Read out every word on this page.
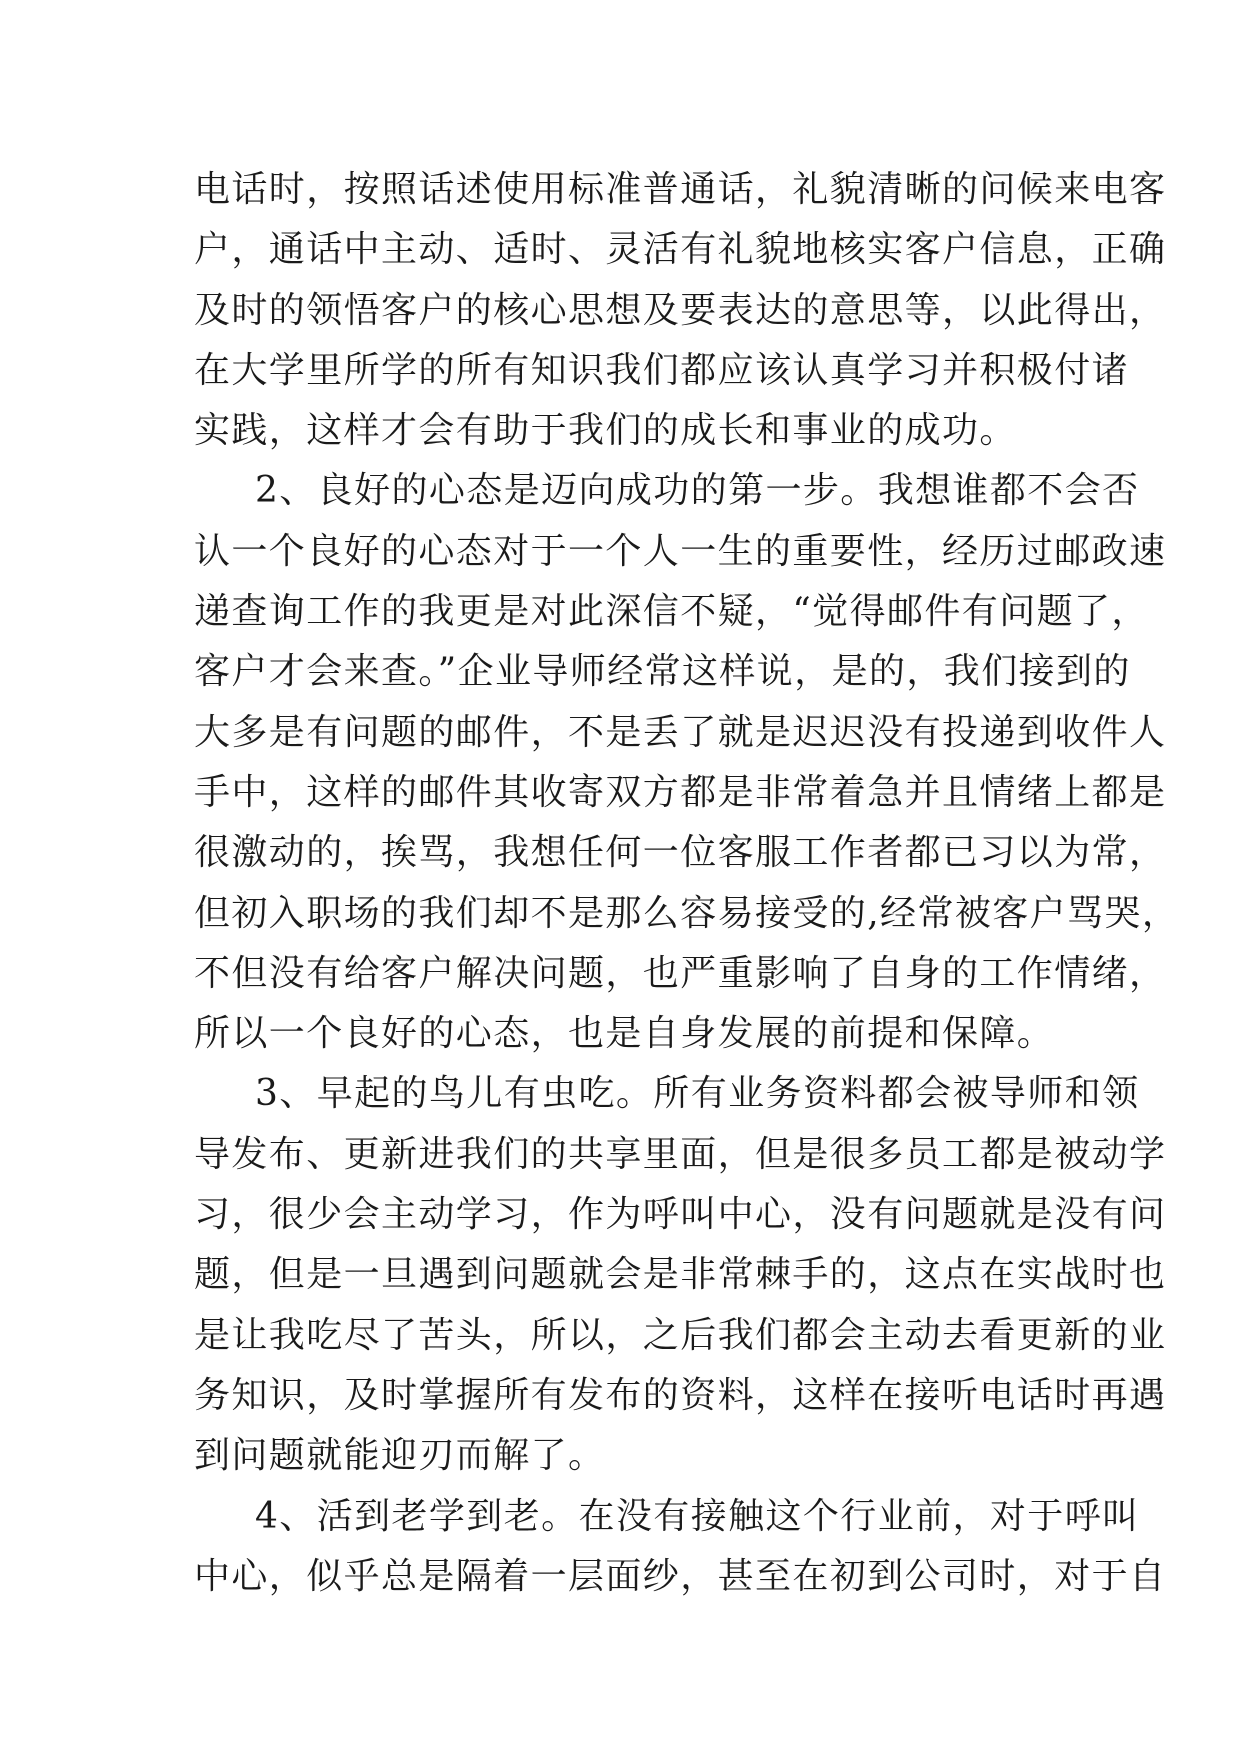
电话时，按照话述使用标准普通话，礼貌清晰的问候来电客
户，通话中主动、适时、灵活有礼貌地核实客户信息，正确
及时的领悟客户的核心思想及要表达的意思等，以此得出，
在大学里所学的所有知识我们都应该认真学习并积极付诸
实践，这样才会有助于我们的成长和事业的成功。
2、良好的心态是迈向成功的第一步。我想谁都不会否
认一个良好的心态对于一个人一生的重要性，经历过邮政速
递查询工作的我更是对此深信不疑，“觉得邮件有问题了，
客户才会来查。”企业导师经常这样说，是的，我们接到的
大多是有问题的邮件，不是丢了就是迟迟没有投递到收件人
手中，这样的邮件其收寄双方都是非常着急并且情绪上都是
很激动的，挨骂，我想任何一位客服工作者都已习以为常，
但初入职场的我们却不是那么容易接受的,经常被客户骂哭，
不但没有给客户解决问题，也严重影响了自身的工作情绪，
所以一个良好的心态，也是自身发展的前提和保障。
3、早起的鸟儿有虫吃。所有业务资料都会被导师和领
导发布、更新进我们的共享里面，但是很多员工都是被动学
习，很少会主动学习，作为呼叫中心，没有问题就是没有问
题，但是一旦遇到问题就会是非常棘手的，这点在实战时也
是让我吃尽了苦头，所以，之后我们都会主动去看更新的业
务知识，及时掌握所有发布的资料，这样在接听电话时再遇
到问题就能迎刃而解了。
4、活到老学到老。在没有接触这个行业前，对于呼叫
中心，似乎总是隔着一层面纱，甚至在初到公司时，对于自
